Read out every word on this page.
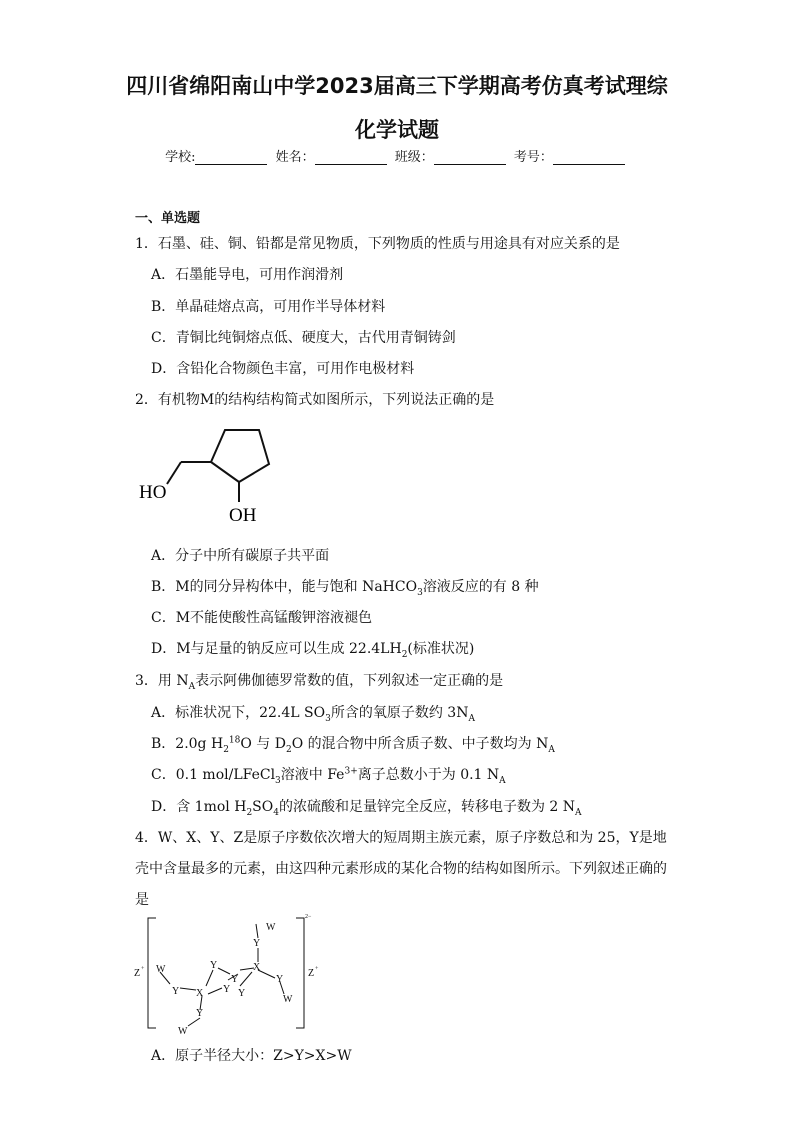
四川省绵阳南山中学2023届高三下学期高考仿真考试理综
化学试题
学校:	姓名：	班级：	考号：
一、单选题
1．石墨、硅、铜、铅都是常见物质，下列物质的性质与用途具有对应关系的是
A．石墨能导电，可用作润滑剂
B．单晶硅熔点高，可用作半导体材料
C．青铜比纯铜熔点低、硬度大，古代用青铜铸剑
D．含铅化合物颜色丰富，可用作电极材料
2．有机物M的结构结构简式如图所示，下列说法正确的是
HO
OH
A．分子中所有碳原子共平面
B．M的同分异构体中，能与饱和 NaHCO$_3$溶液反应的有 8 种
C．M不能使酸性高锰酸钾溶液褪色
D．M与足量的钠反应可以生成 $22.4LH_2$(标准状况)
3．用 $N_A$表示阿佛伽德罗常数的值，下列叙述一定正确的是
A．标准状况下，22.4L $SO_3$所含的氧原子数约 $3N_A$
B．2.0g $H_2^{18}O$ 与 $D_2O$ 的混合物中所含质子数、中子数均为 $N_A$
C．0.1 mol/LFeCl$_3$溶液中 $Fe^{3+}$离子总数小于为 0.1 $N_A$
D．含 1mol $H_2SO_4$的浓硫酸和足量锌完全反应，转移电子数为 2 $N_A$
4．W、X、Y、Z是原子序数依次增大的短周期主族元素，原子序数总和为 25，Y是地
壳中含量最多的元素，由这四种元素形成的某化合物的结构如图所示。下列叙述正确的
是
Z +	Z +
2−
W
Y
X
Y
W
Y
Y
Y Y
W
Y X
Y
W
A．原子半径大小：Z>Y>X>W
